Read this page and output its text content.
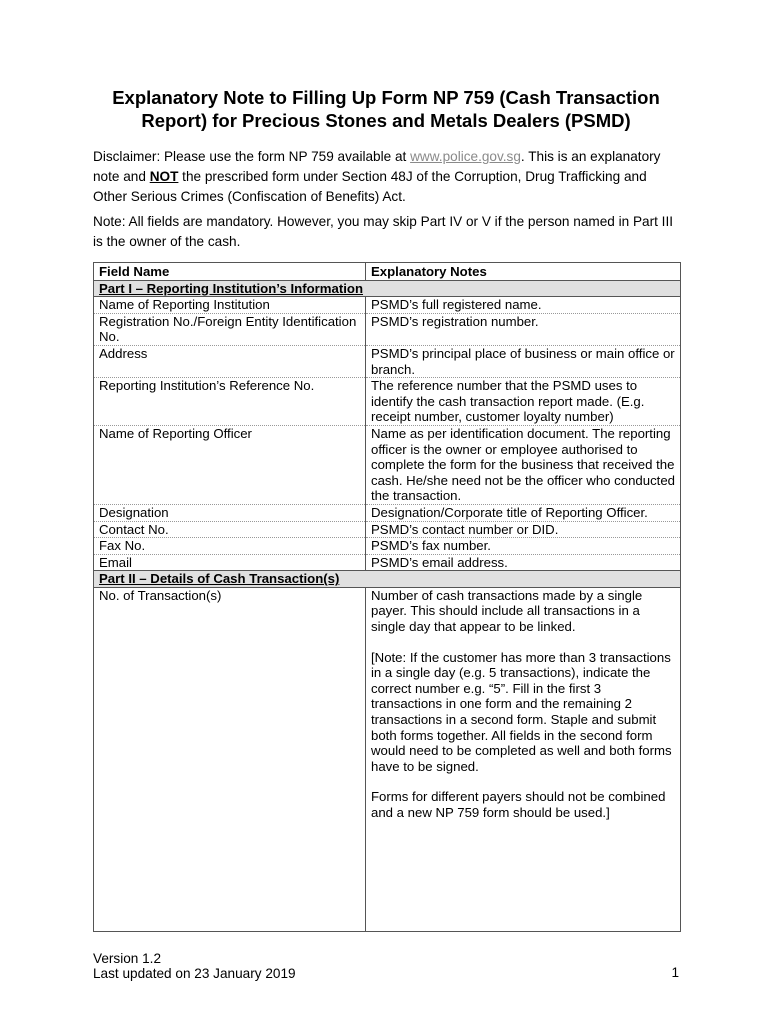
Explanatory Note to Filling Up Form NP 759 (Cash Transaction
Report) for Precious Stones and Metals Dealers (PSMD)
Disclaimer: Please use the form NP 759 available at www.police.gov.sg. This is an explanatory note and NOT the prescribed form under Section 48J of the Corruption, Drug Trafficking and Other Serious Crimes (Confiscation of Benefits) Act.
Note: All fields are mandatory. However, you may skip Part IV or V if the person named in Part III is the owner of the cash.
Field Name	Explanatory Notes
Part I – Reporting Institution’s Information	
Name of Reporting Institution	PSMD’s full registered name.
Registration No./Foreign Entity Identification No.	PSMD’s registration number.
Address	PSMD’s principal place of business or main office or branch.
Reporting Institution’s Reference No.	The reference number that the PSMD uses to identify the cash transaction report made. (E.g. receipt number, customer loyalty number)
Name of Reporting Officer	Name as per identification document. The reporting officer is the owner or employee authorised to complete the form for the business that received the cash. He/she need not be the officer who conducted the transaction.
Designation	Designation/Corporate title of Reporting Officer.
Contact No.	PSMD’s contact number or DID.
Fax No.	PSMD’s fax number.
Email	PSMD’s email address.
Part II – Details of Cash Transaction(s)	
No. of Transaction(s)	Number of cash transactions made by a single payer. This should include all transactions in a single day that appear to be linked.
[Note: If the customer has more than 3 transactions in a single day (e.g. 5 transactions), indicate the correct number e.g. “5”. Fill in the first 3 transactions in one form and the remaining 2 transactions in a second form. Staple and submit both forms together. All fields in the second form would need to be completed as well and both forms have to be signed.
Forms for different payers should not be combined and a new NP 759 form should be used.]
Version 1.2
Last updated on 23 January 2019	1
